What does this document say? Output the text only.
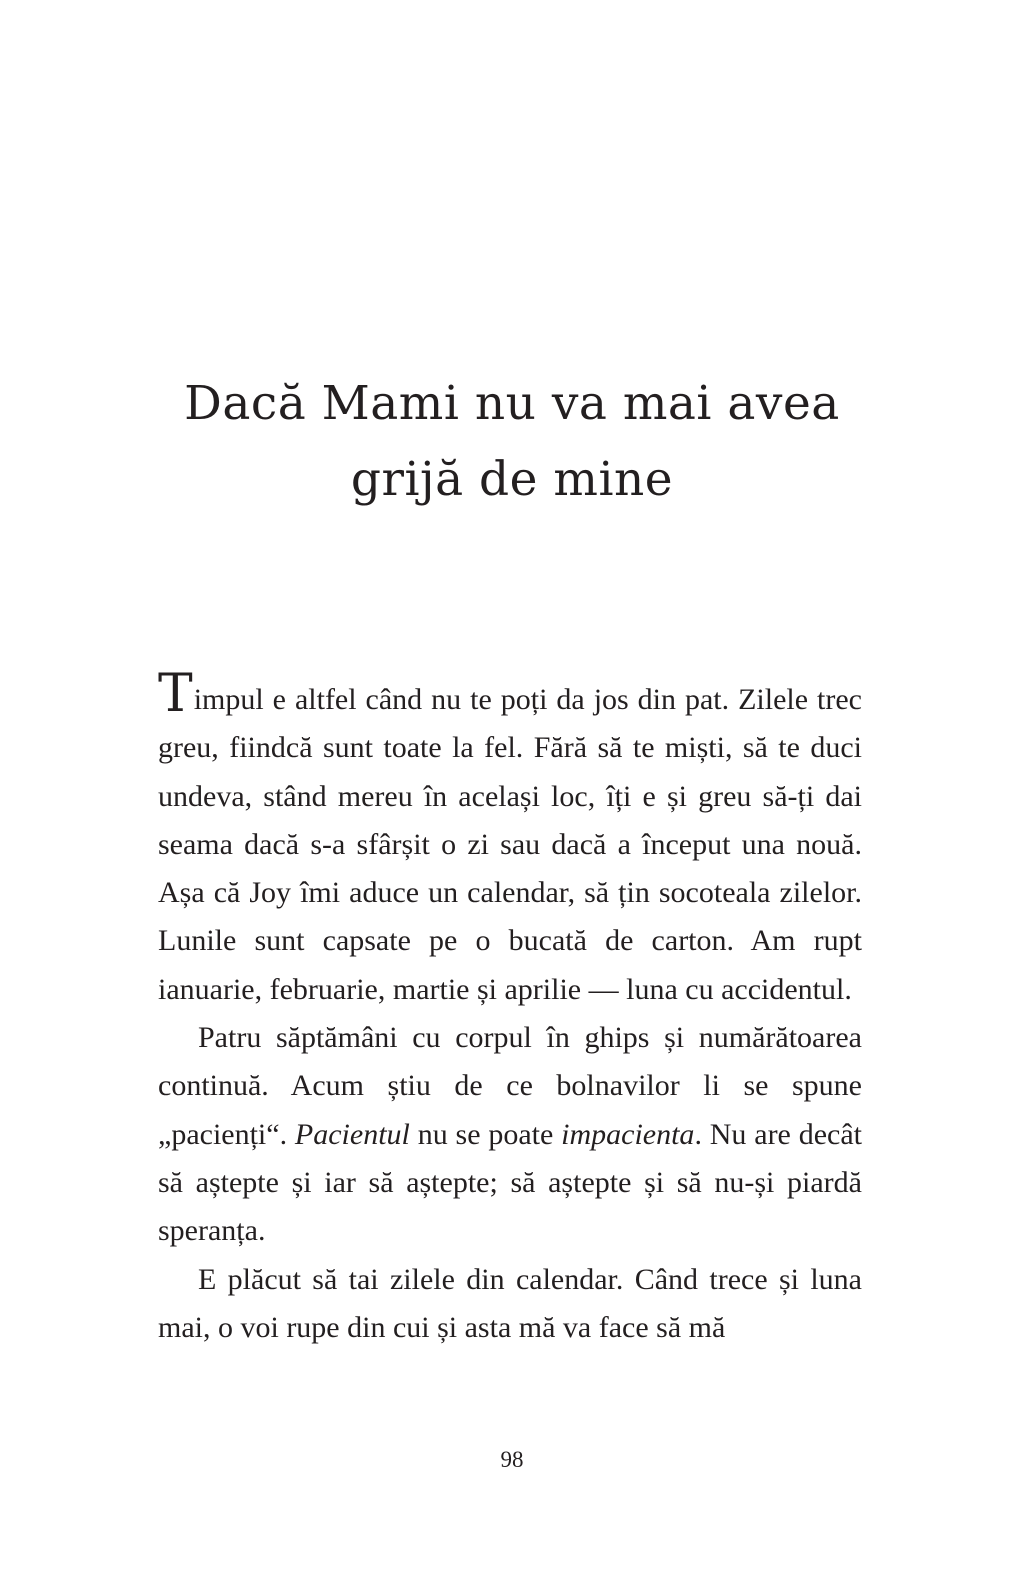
Dacă Mami nu va mai avea
grijă de mine

Timpul e altfel când nu te poți da jos din pat. Zilele trec greu, fiindcă sunt toate la fel. Fără să te miști, să te duci undeva, stând mereu în același loc, îți e și greu să-ți dai seama dacă s-a sfârșit o zi sau dacă a început una nouă. Așa că Joy îmi aduce un calendar, să țin socoteala zilelor. Lunile sunt capsate pe o bucată de carton. Am rupt ianuarie, februarie, martie și aprilie — luna cu accidentul.

Patru săptămâni cu corpul în ghips și numărătoarea continuă. Acum știu de ce bolnavilor li se spune „pacienți“. Pacientul nu se poate impacienta. Nu are decât să aștepte și iar să aștepte; să aștepte și să nu-și piardă speranța.

E plăcut să tai zilele din calendar. Când trece și luna mai, o voi rupe din cui și asta mă va face să mă

98
